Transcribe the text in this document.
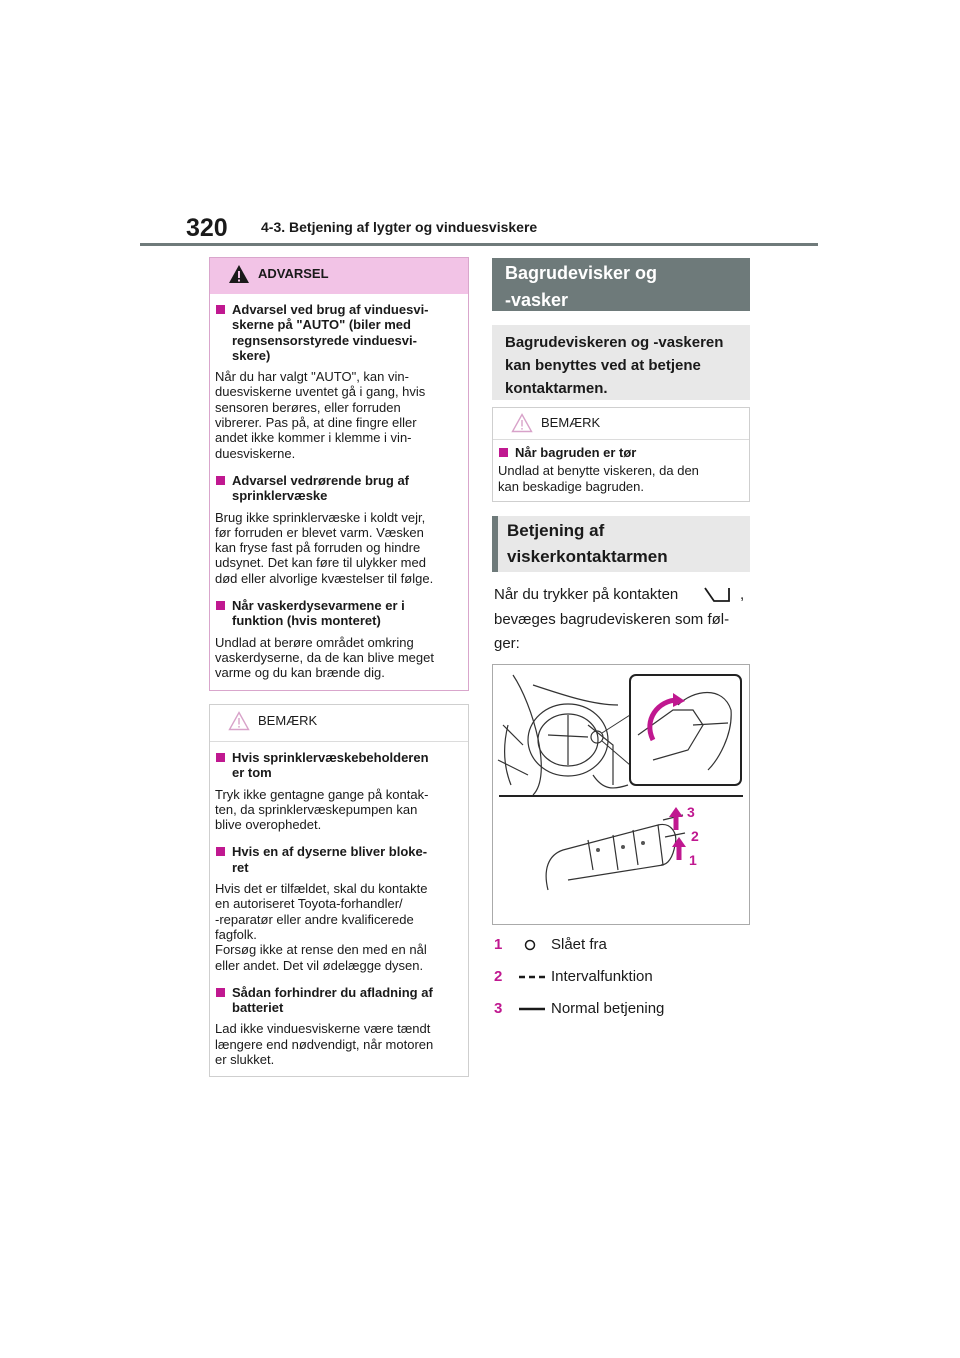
320 4-3. Betjening af lygter og vinduesviskere
ADVARSEL
Advarsel ved brug af vinduesvi-
skerne på "AUTO" (biler med
regnsensorstyrede vinduesvi-
skere)
Når du har valgt "AUTO", kan vin-
duesviskerne uventet gå i gang, hvis
sensoren berøres, eller forruden
vibrerer. Pas på, at dine fingre eller
andet ikke kommer i klemme i vin-
duesviskerne.
Advarsel vedrørende brug af
sprinklervæske
Brug ikke sprinklervæske i koldt vejr,
før forruden er blevet varm. Væsken
kan fryse fast på forruden og hindre
udsynet. Det kan føre til ulykker med
død eller alvorlige kvæstelser til følge.
Når vaskerdysevarmene er i
funktion (hvis monteret)
Undlad at berøre området omkring
vaskerdyserne, da de kan blive meget
varme og du kan brænde dig.
BEMÆRK
Hvis sprinklervæskebeholderen
er tom
Tryk ikke gentagne gange på kontak-
ten, da sprinklervæskepumpen kan
blive overophedet.
Hvis en af dyserne bliver bloke-
ret
Hvis det er tilfældet, skal du kontakte
en autoriseret Toyota-forhandler/
-reparatør eller andre kvalificerede
fagfolk.
Forsøg ikke at rense den med en nål
eller andet. Det vil ødelægge dysen.
Sådan forhindrer du afladning af
batteriet
Lad ikke vinduesviskerne være tændt
længere end nødvendigt, når motoren
er slukket.
Bagrudevisker og
-vasker
Bagrudeviskeren og -vaskeren
kan benyttes ved at betjene
kontaktarmen.
BEMÆRK
Når bagruden er tør
Undlad at benytte viskeren, da den
kan beskadige bagruden.
Betjening af
viskerkontaktarmen
Når du trykker på kontakten	,
bevæges bagrudeviskeren som føl-
ger:
3
2
1
1	Slået fra
2	Intervalfunktion
3	Normal betjening
